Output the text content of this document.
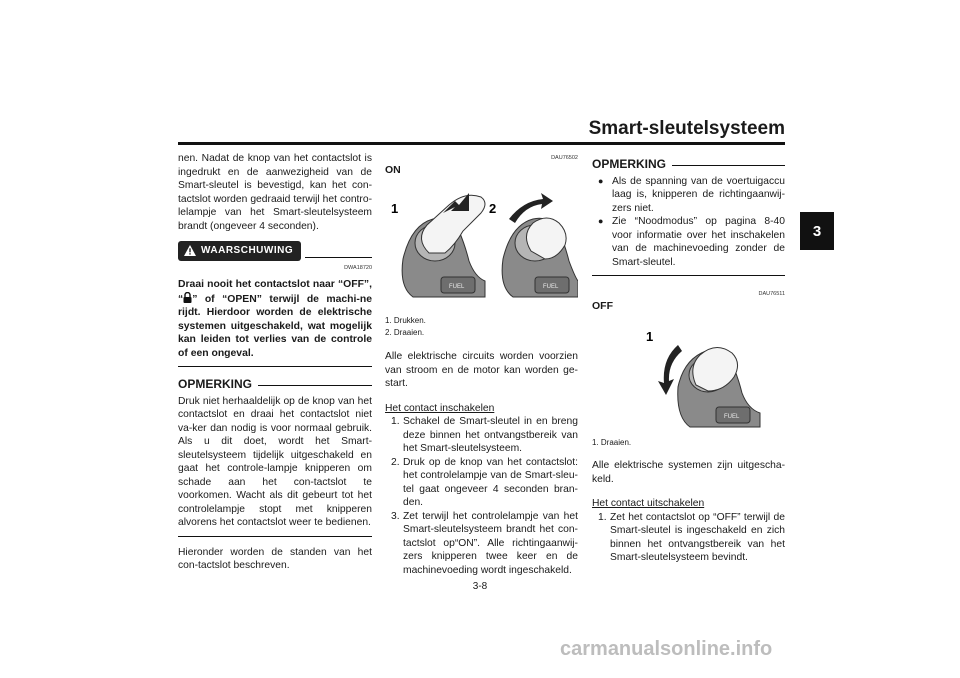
Smart-sleutelsysteem
3

nen. Nadat de knop van het contactslot is ingedrukt en de aanwezigheid van de Smart-sleutel is bevestigd, kan het con-tactslot worden gedraaid terwijl het contro-lelampje van het Smart-sleutelsysteem brandt (ongeveer 4 seconden).

WAARSCHUWING
DWA18720

Draai nooit het contactslot naar “OFF”, “ ” of “OPEN” terwijl de machi-ne rijdt. Hierdoor worden de elektrische systemen uitgeschakeld, wat mogelijk kan leiden tot verlies van de controle of een ongeval.

OPMERKING

Druk niet herhaaldelijk op de knop van het contactslot en draai het contactslot niet va-ker dan nodig is voor normaal gebruik. Als u dit doet, wordt het Smart-sleutelsysteem tijdelijk uitgeschakeld en gaat het controle-lampje knipperen om schade aan het con-tactslot te voorkomen. Wacht als dit gebeurt tot het controlelampje stopt met knipperen alvorens het contactslot weer te bedienen.

Hieronder worden de standen van het con-tactslot beschreven.

DAU76502
ON
1	2
FUEL	FUEL
1. Drukken.
2. Draaien.

Alle elektrische circuits worden voorzien van stroom en de motor kan worden ge-start.

Het contact inschakelen
1. Schakel de Smart-sleutel in en breng deze binnen het ontvangstbereik van het Smart-sleutelsysteem.
2. Druk op de knop van het contactslot: het controlelampje van de Smart-sleu-tel gaat ongeveer 4 seconden bran-den.
3. Zet terwijl het controlelampje van het Smart-sleutelsysteem brandt het con-tactslot op“ON”. Alle richtingaanwij-zers knipperen twee keer en de machinevoeding wordt ingeschakeld.
OPMERKING
● Als de spanning van de voertuigaccu laag is, knipperen de richtingaanwij-zers niet.
● Zie “Noodmodus” op pagina 8-40 voor informatie over het inschakelen van de machinevoeding zonder de Smart-sleutel.
DAU76511
OFF
1
FUEL
1. Draaien.

Alle elektrische systemen zijn uitgescha-keld.

Het contact uitschakelen
1. Zet het contactslot op “OFF” terwijl de Smart-sleutel is ingeschakeld en zich binnen het ontvangstbereik van het Smart-sleutelsysteem bevindt.
3-8
carmanualsonline.info
